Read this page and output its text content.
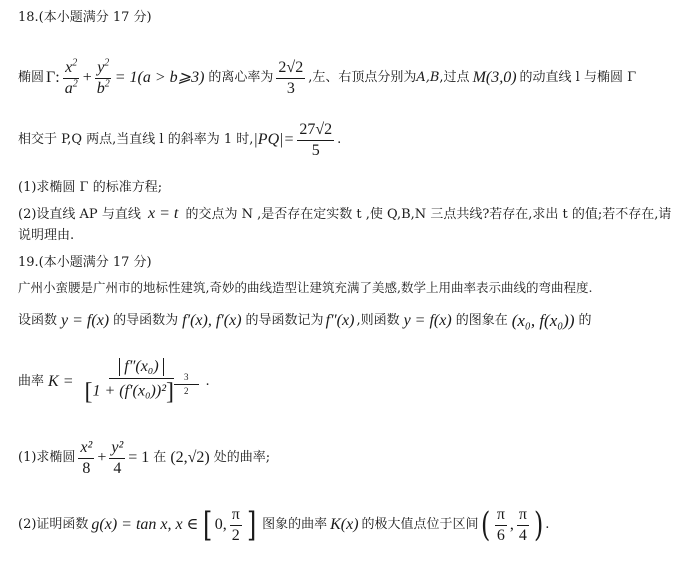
18.(本小题满分 17 分)
椭圆 Γ: $\frac{x^2}{a^2} + \frac{y^2}{b^2} = 1(a$ > b⩾3) 的离心率为 $\frac{2√2}{3}$ ,左、右顶点分别为 A,B ,过点 M(3,0) 的动直线 l 与椭圆 Γ
相交于 P,Q 两点,当直线 l 的斜率为 1 时, $|PQ|= \frac{27√2}{5}$ .
(1)求椭圆 Γ 的标准方程;
(2)设直线 AP 与直线 x = t 的交点为 N ,是否存在定实数 t ,使 Q,B,N 三点共线?若存在,求出 t 的值;若不存在,请
说明理由.
19.(本小题满分 17 分)
广州小蛮腰是广州市的地标性建筑,奇妙的曲线造型让建筑充满了美感,数学上用曲率表示曲线的弯曲程度.
设函数 y = f(x) 的导函数为 f′(x), f′(x) 的导函数记为 f″(x) ,则函数 y = f(x) 的图象在 (x₀, f(x₀)) 的
曲率 K = f″(x₀)
[1 + (f′(x₀))²] $^{\frac{3}{2}}$ .
(1)求椭圆 $\frac{\text{x²}}{8} + \frac{\text{y²}}{4} = 1$ 在 (2,√2) 处的曲率;
(2)证明函数 g(x) = tan x, x ∈ [ 0, $\frac{\pi}{2}$ ] 图象的曲率 K(x) 的极大值点位于区间 ( $\frac{\pi}{6}$ , $\frac{\pi}{4}$ ) .
